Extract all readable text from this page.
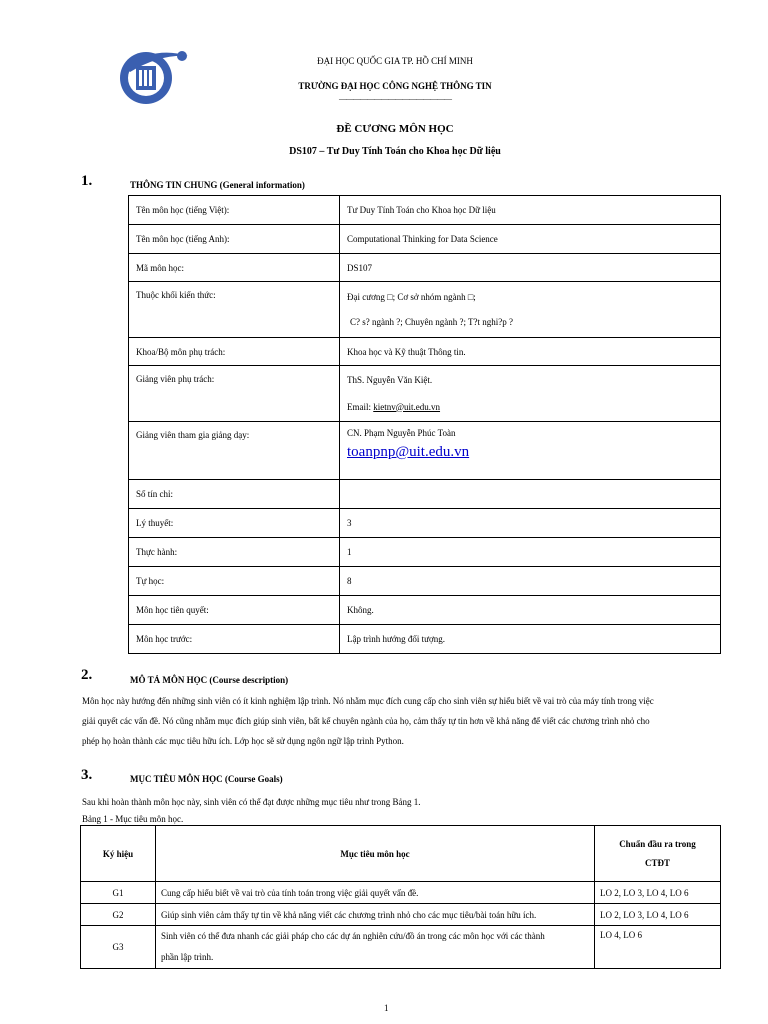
ĐẠI HỌC QUỐC GIA TP. HỒ CHÍ MINH
TRƯỜNG ĐẠI HỌC CÔNG NGHỆ THÔNG TIN
————————————————
ĐỀ CƯƠNG MÔN HỌC
DS107 – Tư Duy Tính Toán cho Khoa học Dữ liệu
1.	THÔNG TIN CHUNG (General information)
Tên môn học (tiếng Việt):	Tư Duy Tính Toán cho Khoa học Dữ liệu
Tên môn học (tiếng Anh):	Computational Thinking for Data Science
Mã môn học:	DS107
Thuộc khối kiến thức:	Đại cương □; Cơ sở nhóm ngành □;
C? s? ngành ?; Chuyên ngành ?; T?t nghi?p ?

Khoa/Bộ môn phụ trách:	Khoa học và Kỹ thuật Thông tin.
Giảng viên phụ trách:	ThS. Nguyễn Văn Kiệt.
Email: kietnv@uit.edu.vn

Giảng viên tham gia giảng dạy:	CN. Phạm Nguyễn Phúc Toàn
toanpnp@uit.edu.vn

Số tín chỉ:	
Lý thuyết:	3
Thực hành:	1
Tự học:	8
Môn học tiên quyết:	Không.
Môn học trước:	Lập trình hướng đối tượng.
2.	MÔ TẢ MÔN HỌC (Course description)
Môn học này hướng đến những sinh viên có ít kinh nghiệm lập trình. Nó nhằm mục đích cung cấp cho sinh viên sự hiểu biết về vai trò của máy tính trong việc
giải quyết các vấn đề. Nó cũng nhằm mục đích giúp sinh viên, bất kể chuyên ngành của họ, cảm thấy tự tin hơn về khả năng để viết các chương trình nhỏ cho
phép họ hoàn thành các mục tiêu hữu ích. Lớp học sẽ sử dụng ngôn ngữ lập trình Python.
3.	MỤC TIÊU MÔN HỌC (Course Goals)
Sau khi hoàn thành môn học này, sinh viên có thể đạt được những mục tiêu như trong Bảng 1.
Bảng 1 - Mục tiêu môn học.
Ký hiệu	Mục tiêu môn học	Chuẩn đầu ra trong
CTĐT

G1	Cung cấp hiểu biết về vai trò của tính toán trong việc giải quyết vấn đề.	LO 2, LO 3, LO 4, LO 6
G2	Giúp sinh viên cảm thấy tự tin về khả năng viết các chương trình nhỏ cho các mục tiêu/bài toán hữu ích.	LO 2, LO 3, LO 4, LO 6
G3	Sinh viên có thể đưa nhanh các giải pháp cho các dự án nghiên cứu/đồ án trong các môn học với các thành
phần lập trình.	LO 4, LO 6
1
